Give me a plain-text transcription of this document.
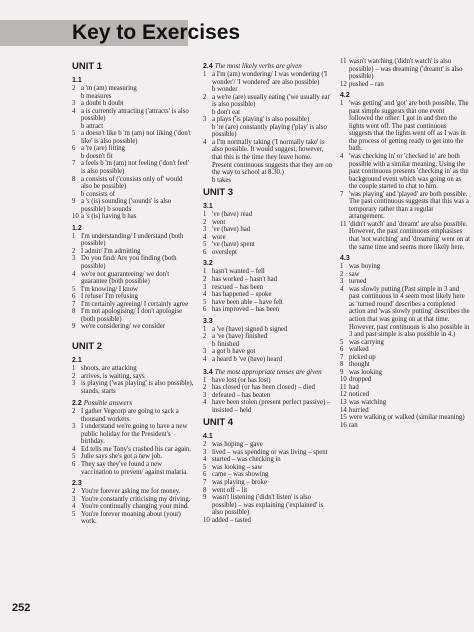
Key to Exercises
UNIT 1
1.1
2 a 'm (am) measuring
b measures
3 a doubt b doubt
4 a is currently attracting ('attracts' is also possible)
b attract
5 a doesn't like b 'm (am) not liking ('don't like' is also possible)
6 a 're (are) fitting
b doesn't fit
7 a feels b 'm (am) not feeling ('don't feel' is also possible)
8 a consists of ('consists only of' would also be possible)
b consists of
9 a 's (is) sounding ('sounds' is also possible) b sounds
10 a 's (is) having b has
1.2
1 I'm understanding/ I understand (both possible)
2 I admit/ I'm admitting
3 Do you find/ Are you finding (both possible)
4 we're not guaranteeing/ we don't guarantee (both possible)
5 I'm knowing/ I know
6 I refuse/ I'm refusing
7 I'm certainly agreeing/ I certainly agree
8 I'm not apologising/ I don't apologise (both possible)
9 we're considering/ we consider
UNIT 2
2.1
1 shoots, are attacking
2 arrives, is waiting, says
3 is playing ('was playing' is also possible), stands, starts
2.2 Possible answers
2 I gather Vegcorp are going to sack a thousand workers.
3 I understand we're going to have a new public holiday for the President's birthday.
4 Ed tells me Tony's crashed his car again.
5 Julie says she's got a new job.
6 They say they've found a new vaccination to prevent/ against malaria.
2.3
2 You're forever asking me for money.
3 You're constantly criticising my driving.
4 You're continually changing your mind.
5 You're forever moaning about (your) work.
2.4 The most likely verbs are given
1 a I'm (am) wondering/ I was wondering ('I wonder'/ 'I wondered' are also possible)
b wonder
2 a we're (are) usually eating ('we usually eat' is also possible)
b don't eat
3 a plays ('is playing' is also possible)
b 're (are) constantly playing ('play' is also possible)
4 a I'm normally taking ('I normally take' is also possible. It would suggest, however, that this is the time they leave home. Present continuous suggests that they are on the way to school at 8.30.)
b takes
UNIT 3
3.1
1 've (have) read
2 went
3 've (have) had
4 wore
5 've (have) spent
6 overslept
3.2
1 hasn't wanted – fell
2 has worked – hasn't had
3 rescued – has been
4 has happened – spoke
5 have been able – have felt
6 has improved – has been
3.3
1 a 've (have) signed b signed
2 a 've (have) finished
b finished
3 a got b have got
4 a heard b 've (have) heard
3.4 The most appropriate tenses are given
1 have lost (or has lost)
2 has closed (or has been closed) – died
3 defeated – has beaten
4 have been stolen (present perfect passive) – insisted – held
UNIT 4
4.1
2 was hoping – gave
3 lived – was spending or was living – spent
4 started – was checking in
5 was looking – saw
6 came – was showing
7 was playing – broke
8 went off – lit
9 wasn't listening ('didn't listen' is also possible) – was explaining ('explained' is also possible)
10 added – tasted
11 wasn't watching ('didn't watch' is also possible) – was dreaming ('dreamt' is also possible)
12 pushed – ran
4.2
1 'was getting' and 'got' are both possible. The past simple suggests that one event followed the other: I got in and then the lights went off. The past continuous suggests that the lights went off as I was in the process of getting ready to get into the bath.
4 'was checking in' or 'checked in' are both possible with a similar meaning. Using the past continuous presents 'checking in' as the background event which was going on as the couple started to chat to him.
7 'was playing' and 'played' are both possible. The past continuous suggests that this was a temporary rather than a regular arrangement.
11 'didn't watch' and 'dreamt' are also possible. However, the past continuous emphasises that 'not watching' and 'dreaming' went on at the same time and seems more likely here.
4.3
1 was buying
2 saw
3 turned
4 was slowly putting (Past simple in 3 and past continuous in 4 seem most likely here as 'turned round' describes a completed action and 'was slowly putting' describes the action that was going on at that time. However, past continuous is also possible in 3 and past simple is also possible in 4.)
5 was carrying
6 walked
7 picked up
8 thought
9 was looking
10 dropped
11 had
12 noticed
13 was watching
14 hurried
15 were walking or walked (similar meaning)
16 ran
252
